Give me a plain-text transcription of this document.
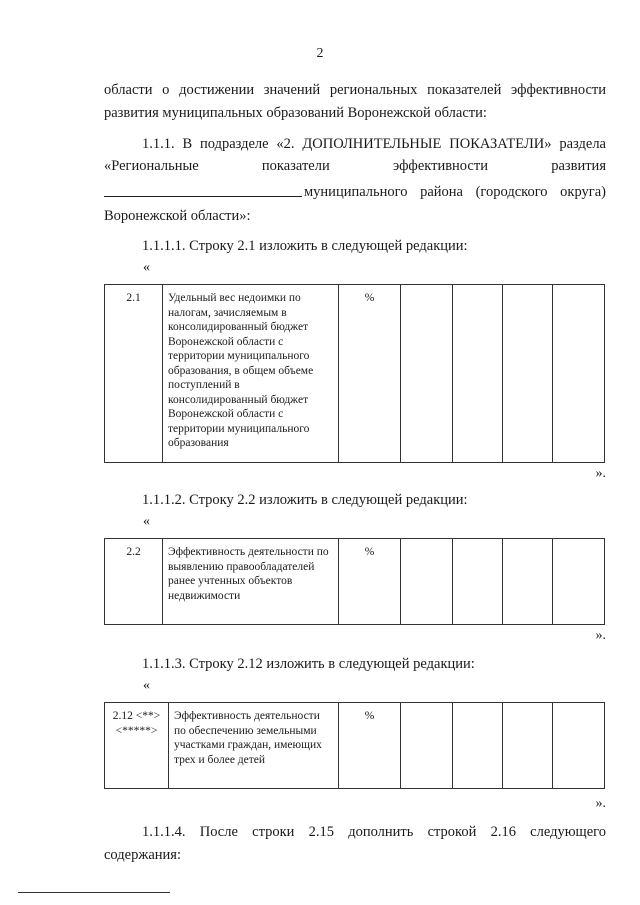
2
области о достижении значений региональных показателей эффективности
развития муниципальных образований Воронежской области:
1.1.1. В подразделе «2. ДОПОЛНИТЕЛЬНЫЕ ПОКАЗАТЕЛИ» раздела
«Региональные	показатели	эффективности	развития
муниципального района (городского округа)
Воронежской области»:
1.1.1.1. Строку 2.1 изложить в следующей редакции:
«
2.1	Удельный вес недоимки по налогам, зачисляемым в консолидированный бюджет Воронежской области с территории муниципального образования, в общем объеме поступлений в консолидированный бюджет Воронежской области с территории муниципального образования	%				
».
1.1.1.2. Строку 2.2 изложить в следующей редакции:
«
2.2	Эффективность деятельности по выявлению правообладателей ранее учтенных объектов недвижимости	%				
».
1.1.1.3. Строку 2.12 изложить в следующей редакции:
«
2.12 <**> <*****>	Эффективность деятельности по обеспечению земельными участками граждан, имеющих трех и более детей	%				
».
1.1.1.4. После строки 2.15 дополнить строкой 2.16 следующего
содержания:
